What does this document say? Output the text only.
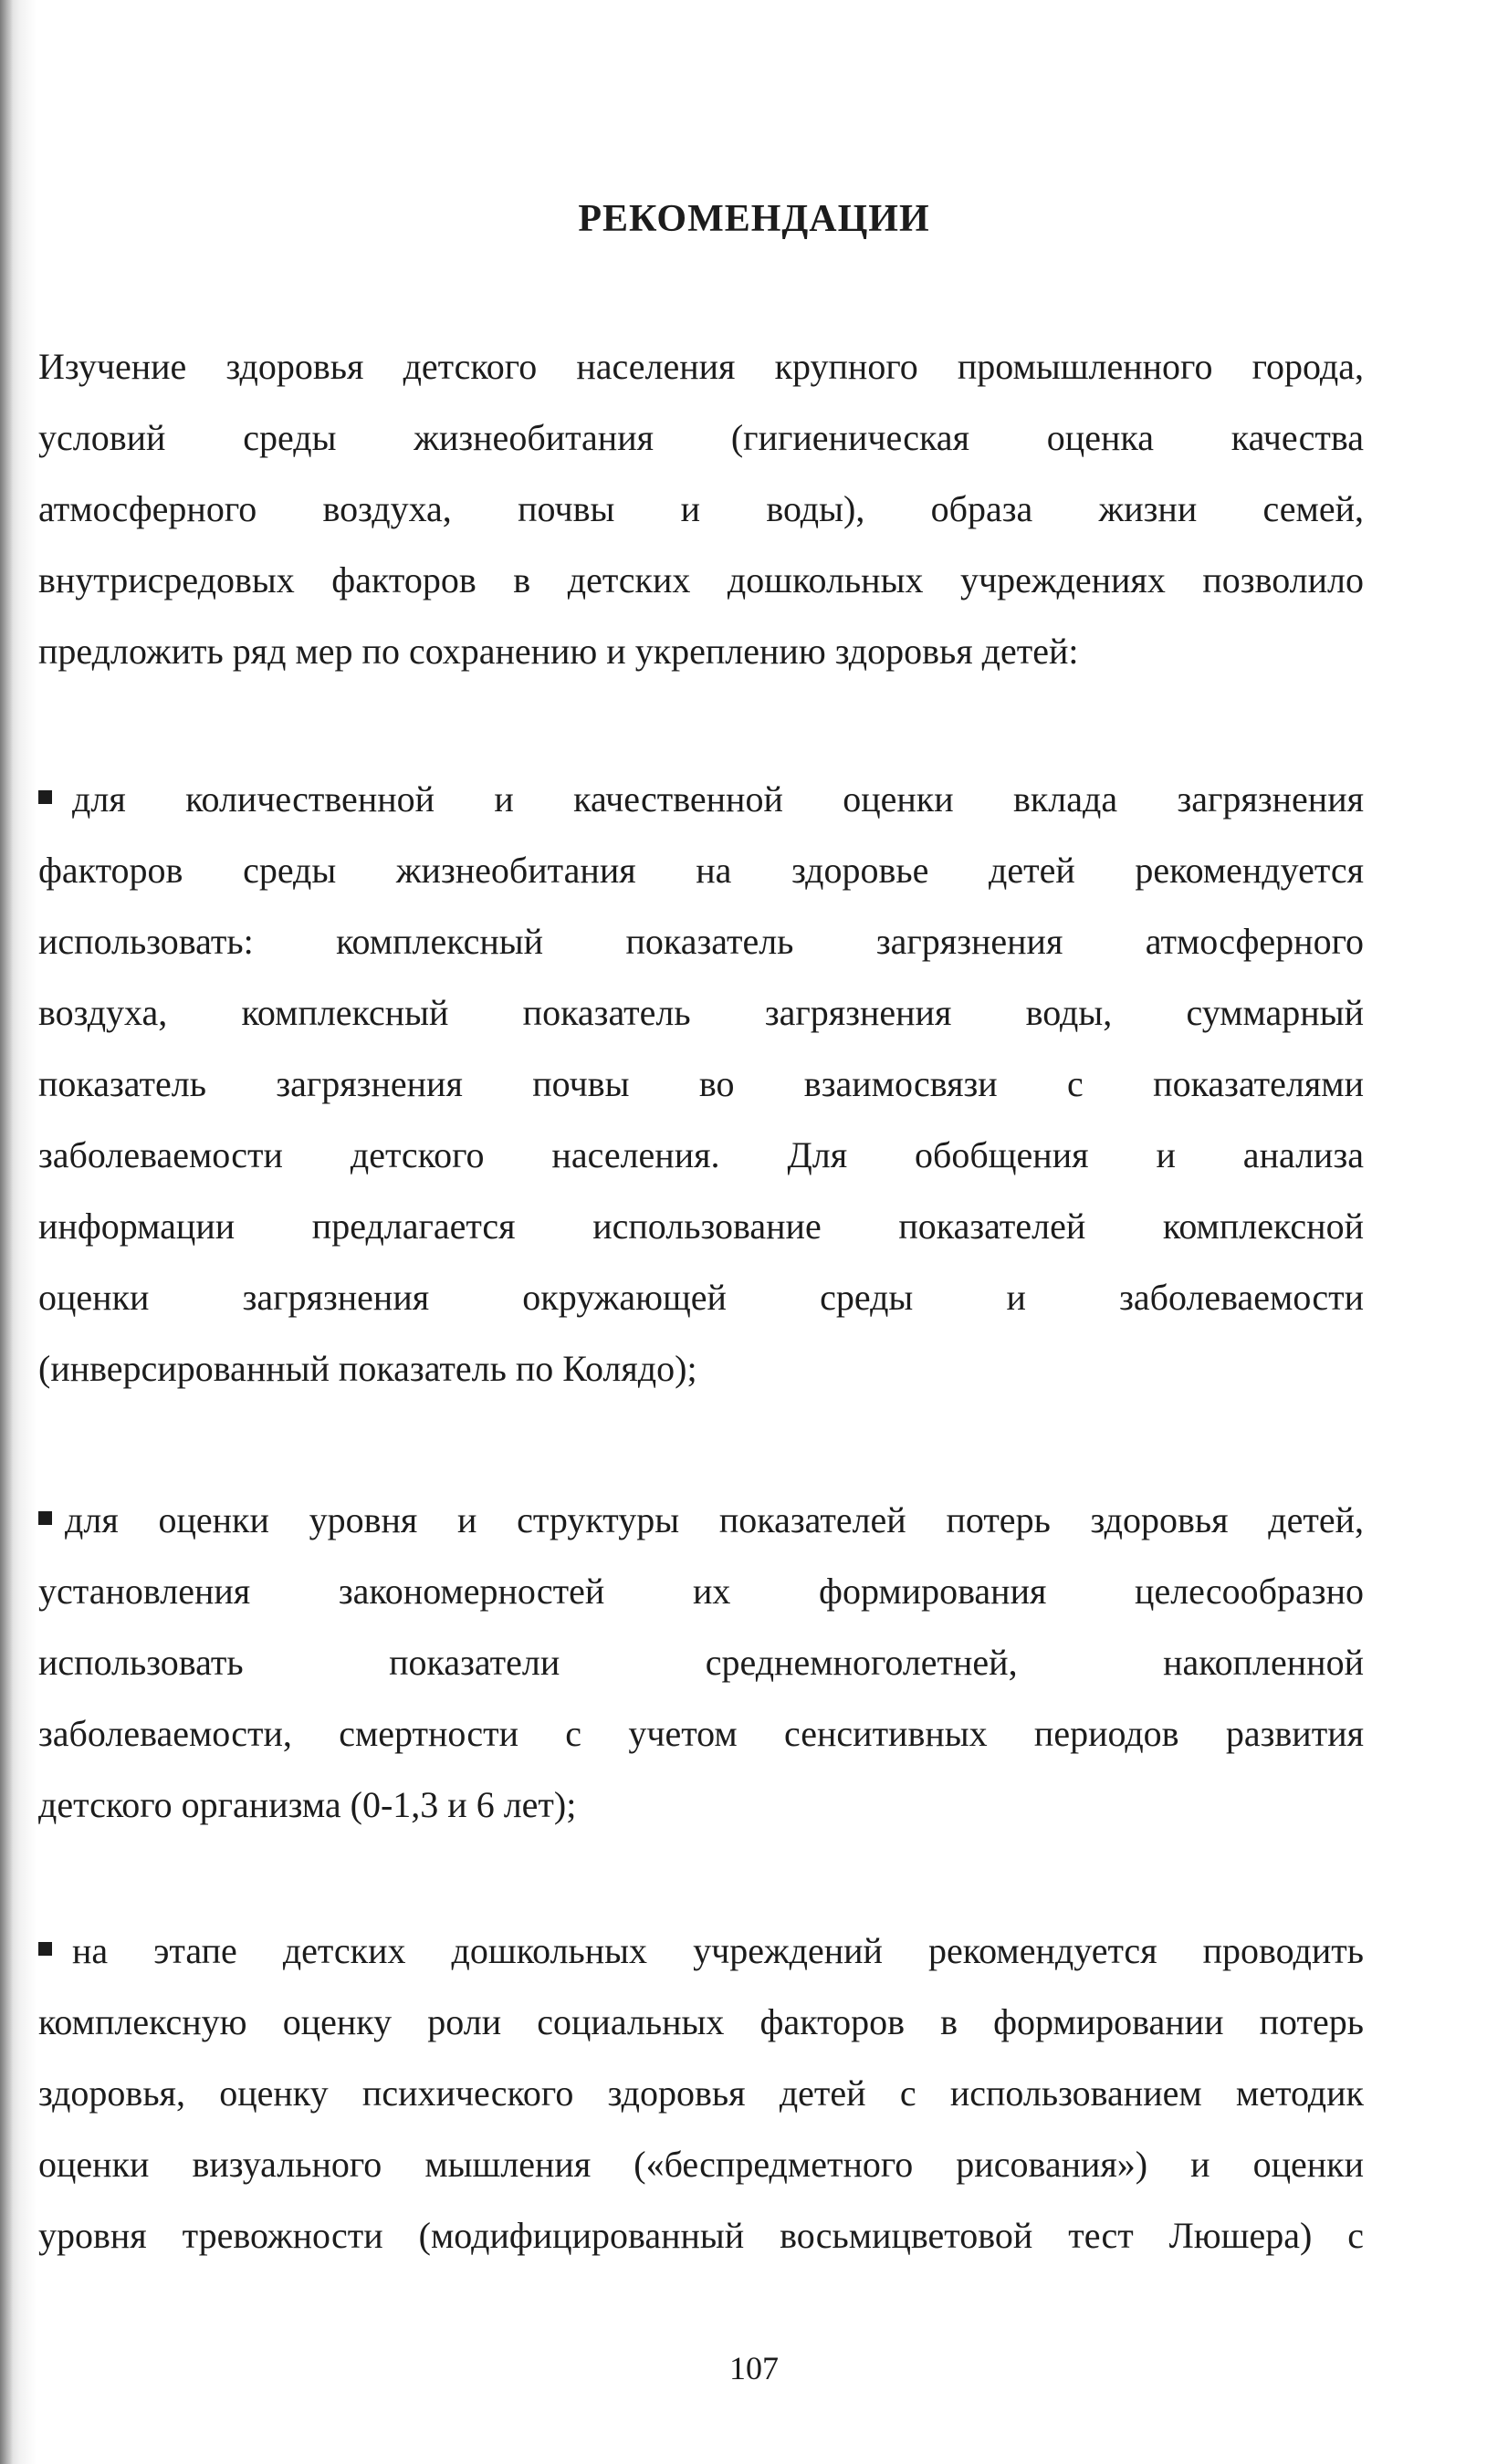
РЕКОМЕНДАЦИИ
Изучение здоровья детского населения крупного промышленного города,
условий среды жизнеобитания (гигиеническая оценка качества
атмосферного воздуха, почвы и воды), образа жизни семей,
внутрисредовых факторов в детских дошкольных учреждениях позволило
предложить ряд мер по сохранению и укреплению здоровья детей:
для количественной и качественной оценки вклада загрязнения
факторов среды жизнеобитания на здоровье детей рекомендуется
использовать: комплексный показатель загрязнения атмосферного
воздуха, комплексный показатель загрязнения воды, суммарный
показатель загрязнения почвы во взаимосвязи с показателями
заболеваемости детского населения. Для обобщения и анализа
информации предлагается использование показателей комплексной
оценки загрязнения окружающей среды и заболеваемости
(инверсированный показатель по Колядо);
для оценки уровня и структуры показателей потерь здоровья детей,
установления закономерностей их формирования целесообразно
использовать показатели среднемноголетней, накопленной
заболеваемости, смертности с учетом сенситивных периодов развития
детского организма (0-1,3 и 6 лет);
на этапе детских дошкольных учреждений рекомендуется проводить
комплексную оценку роли социальных факторов в формировании потерь
здоровья, оценку психического здоровья детей с использованием методик
оценки визуального мышления («беспредметного рисования») и оценки
уровня тревожности (модифицированный восьмицветовой тест Люшера) с
107
